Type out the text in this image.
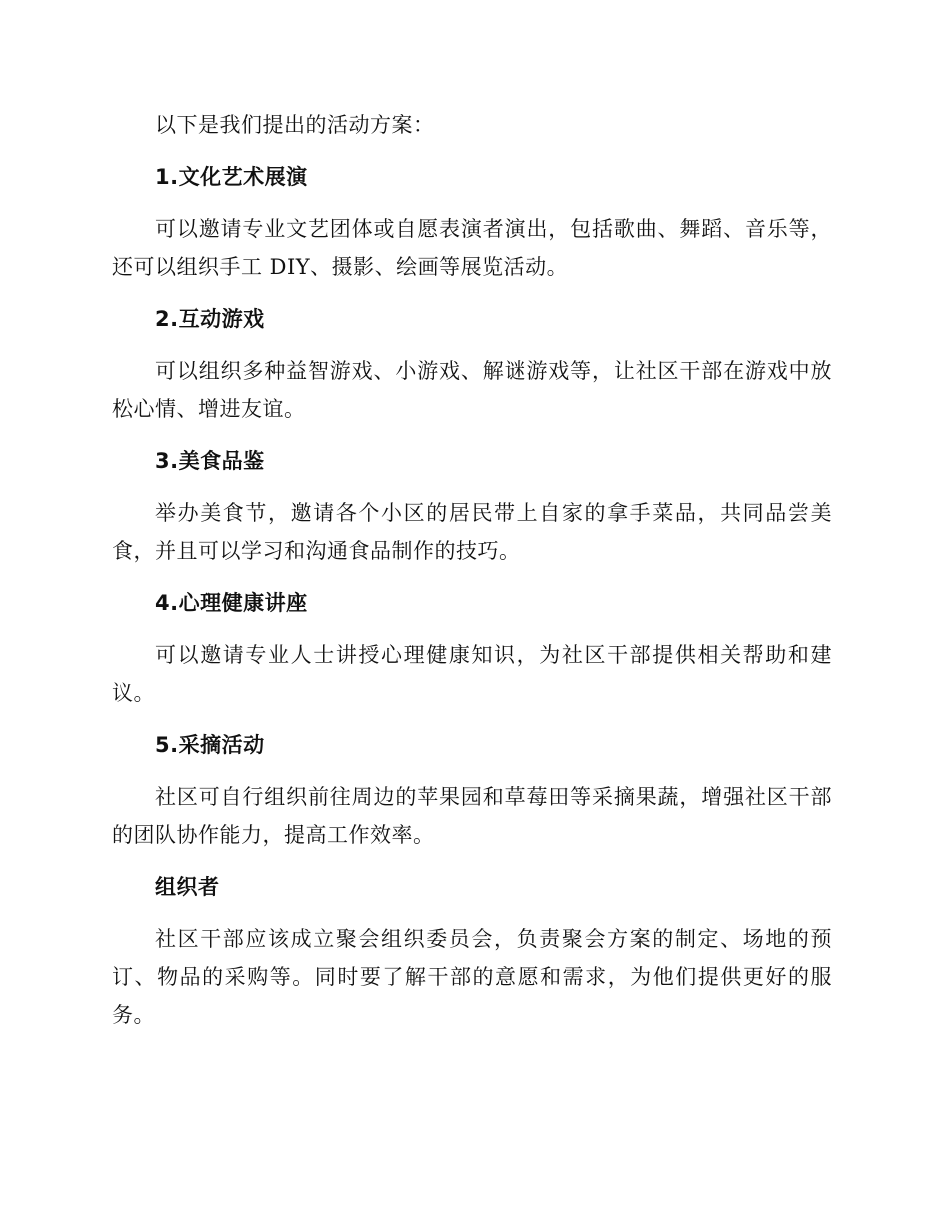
以下是我们提出的活动方案：

1.文化艺术展演

可以邀请专业文艺团体或自愿表演者演出，包括歌曲、舞蹈、音乐等，还可以组织手工 DIY、摄影、绘画等展览活动。

2.互动游戏

可以组织多种益智游戏、小游戏、解谜游戏等，让社区干部在游戏中放松心情、增进友谊。

3.美食品鉴

举办美食节，邀请各个小区的居民带上自家的拿手菜品，共同品尝美食，并且可以学习和沟通食品制作的技巧。

4.心理健康讲座

可以邀请专业人士讲授心理健康知识，为社区干部提供相关帮助和建议。

5.采摘活动

社区可自行组织前往周边的苹果园和草莓田等采摘果蔬，增强社区干部的团队协作能力，提高工作效率。

组织者

社区干部应该成立聚会组织委员会，负责聚会方案的制定、场地的预订、物品的采购等。同时要了解干部的意愿和需求，为他们提供更好的服务。
